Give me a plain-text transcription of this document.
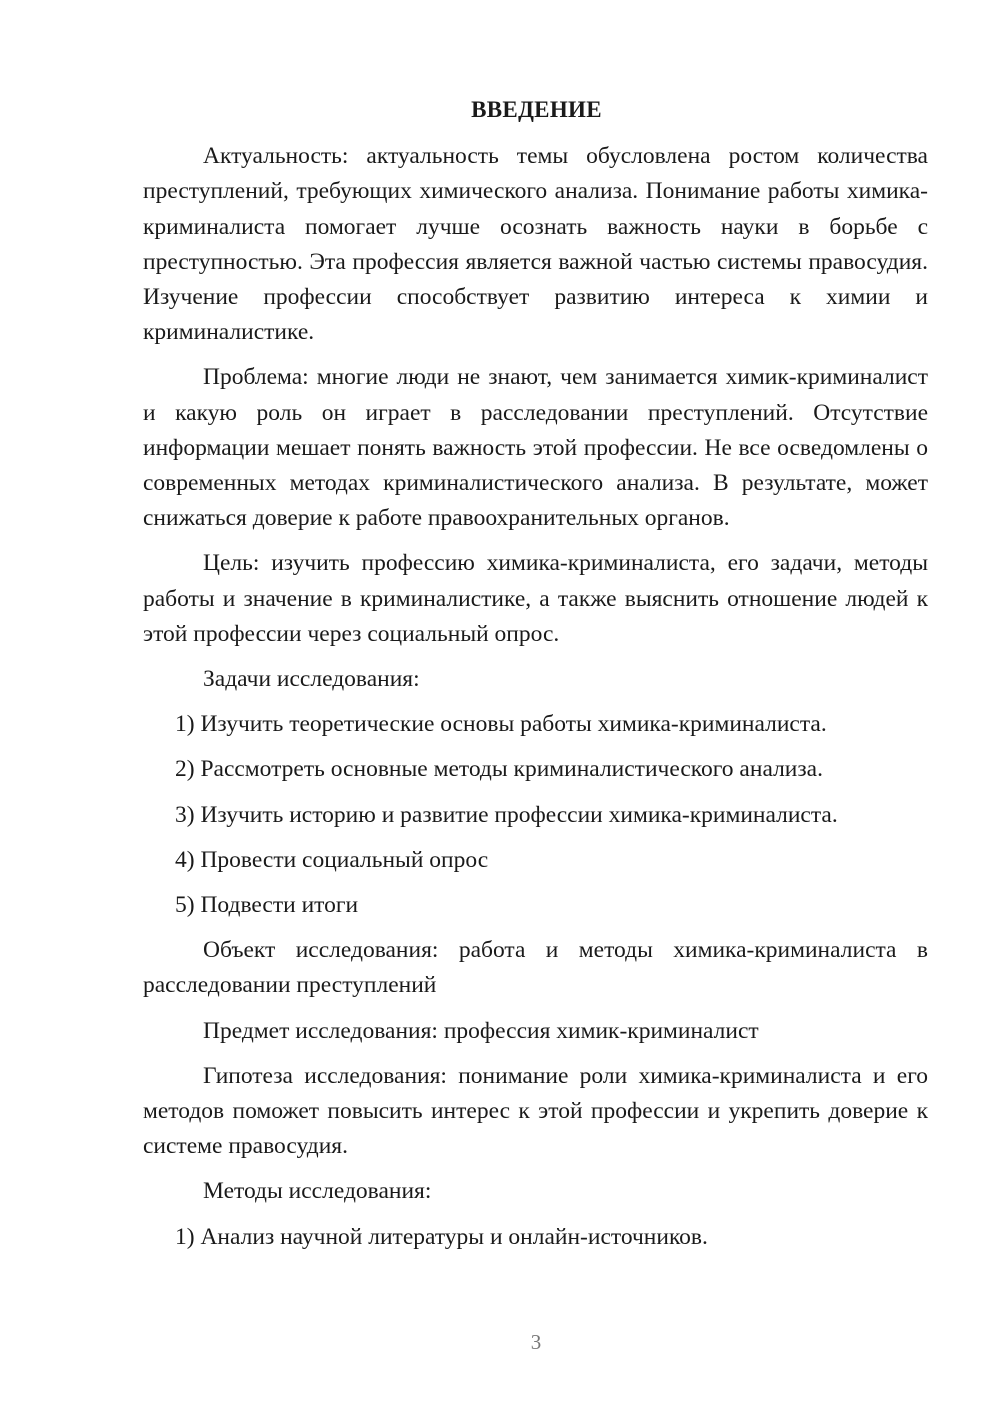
ВВЕДЕНИЕ

Актуальность: актуальность темы обусловлена ростом количества преступлений, требующих химического анализа. Понимание работы химика-криминалиста помогает лучше осознать важность науки в борьбе с преступностью. Эта профессия является важной частью системы правосудия. Изучение профессии способствует развитию интереса к химии и криминалистике.

Проблема: многие люди не знают, чем занимается химик-криминалист и какую роль он играет в расследовании преступлений. Отсутствие информации мешает понять важность этой профессии. Не все осведомлены о современных методах криминалистического анализа. В результате, может снижаться доверие к работе правоохранительных органов.

Цель: изучить профессию химика-криминалиста, его задачи, методы работы и значение в криминалистике, а также выяснить отношение людей к этой профессии через социальный опрос.

Задачи исследования:
1) Изучить теоретические основы работы химика-криминалиста.
2) Рассмотреть основные методы криминалистического анализа.
3) Изучить историю и развитие профессии химика-криминалиста.
4) Провести социальный опрос
5) Подвести итоги

Объект исследования: работа и методы химика-криминалиста в расследовании преступлений

Предмет исследования: профессия химик-криминалист

Гипотеза исследования: понимание роли химика-криминалиста и его методов поможет повысить интерес к этой профессии и укрепить доверие к системе правосудия.

Методы исследования:
1) Анализ научной литературы и онлайн-источников.
3
